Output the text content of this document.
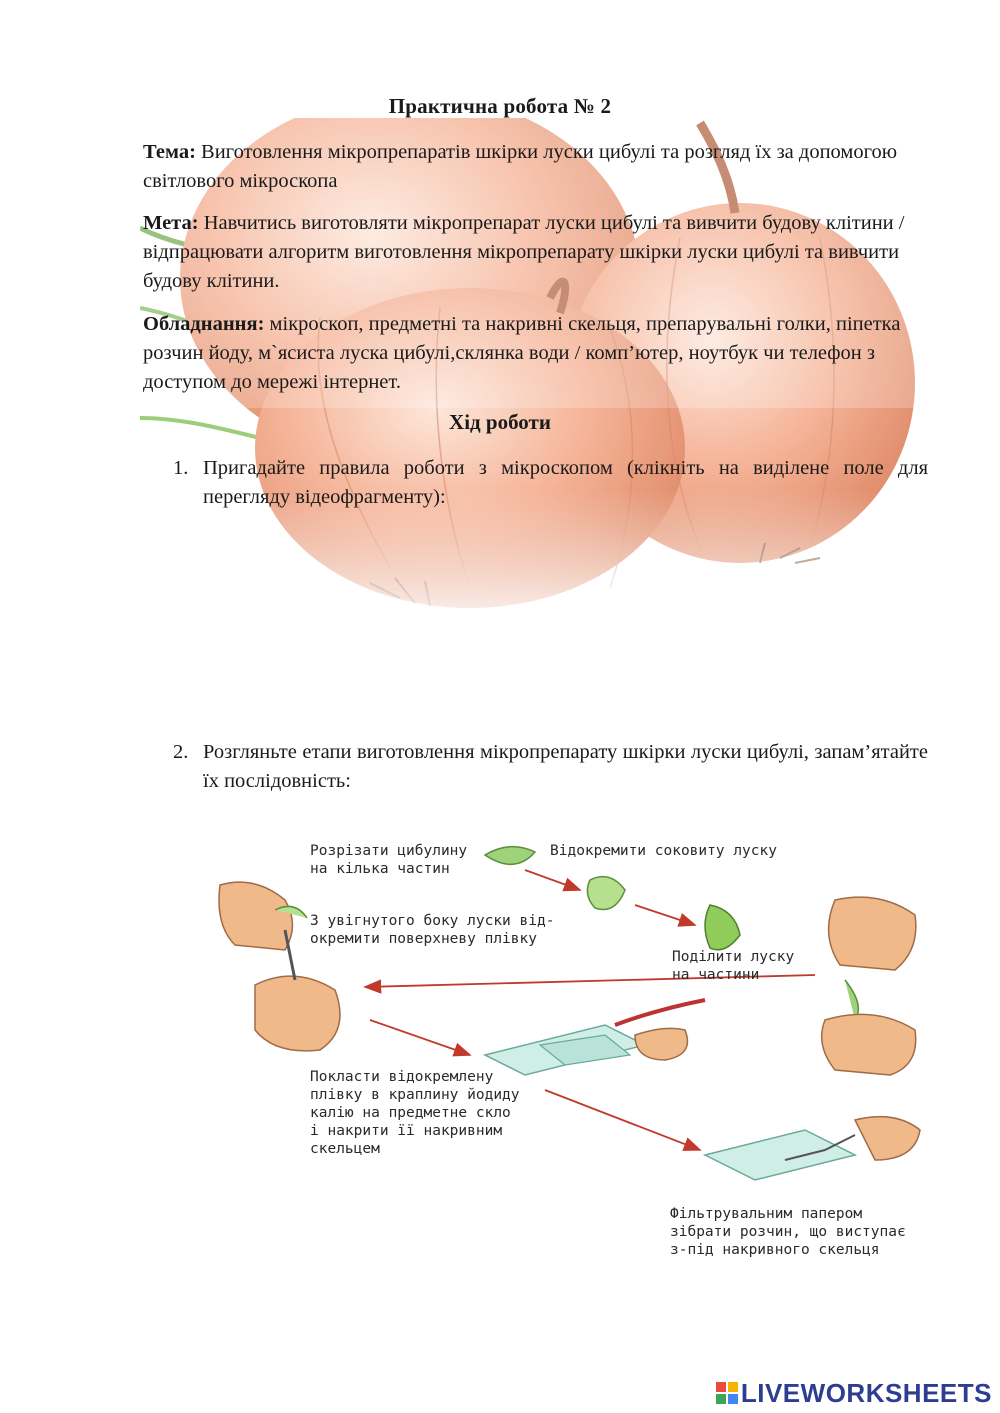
Практична робота № 2
Тема: Виготовлення мікропрепаратів шкірки луски цибулі та розгляд їх за допомогою світлового мікроскопа
Мета: Навчитись виготовляти мікропрепарат луски цибулі та вивчити будову клітини / відпрацювати алгоритм виготовлення мікропрепарату шкірки луски цибулі та вивчити будову клітини.
Обладнання: мікроскоп, предметні та накривні скельця, препарувальні голки, піпетка розчин йоду, м`ясиста луска цибулі,склянка води / комп’ютер, ноутбук чи телефон з доступом до мережі інтернет.
Хід роботи
1. Пригадайте правила роботи з мікроскопом (клікніть на виділене поле для перегляду відеофрагменту):
2. Розгляньте етапи виготовлення мікропрепарату шкірки луски цибулі, запам’ятайте їх послідовність:
Розрізати цибулину
на кілька частин
Відокремити соковиту луску
З увігнутого боку луски від-
окремити поверхневу плівку
Поділити луску
на частини
Покласти відокремлену
плівку в краплину йодиду
калію на предметне скло
і накрити її накривним
скельцем
Фільтрувальним папером
зібрати розчин, що виступає
з-під накривного скельця
LIVEWORKSHEETS
